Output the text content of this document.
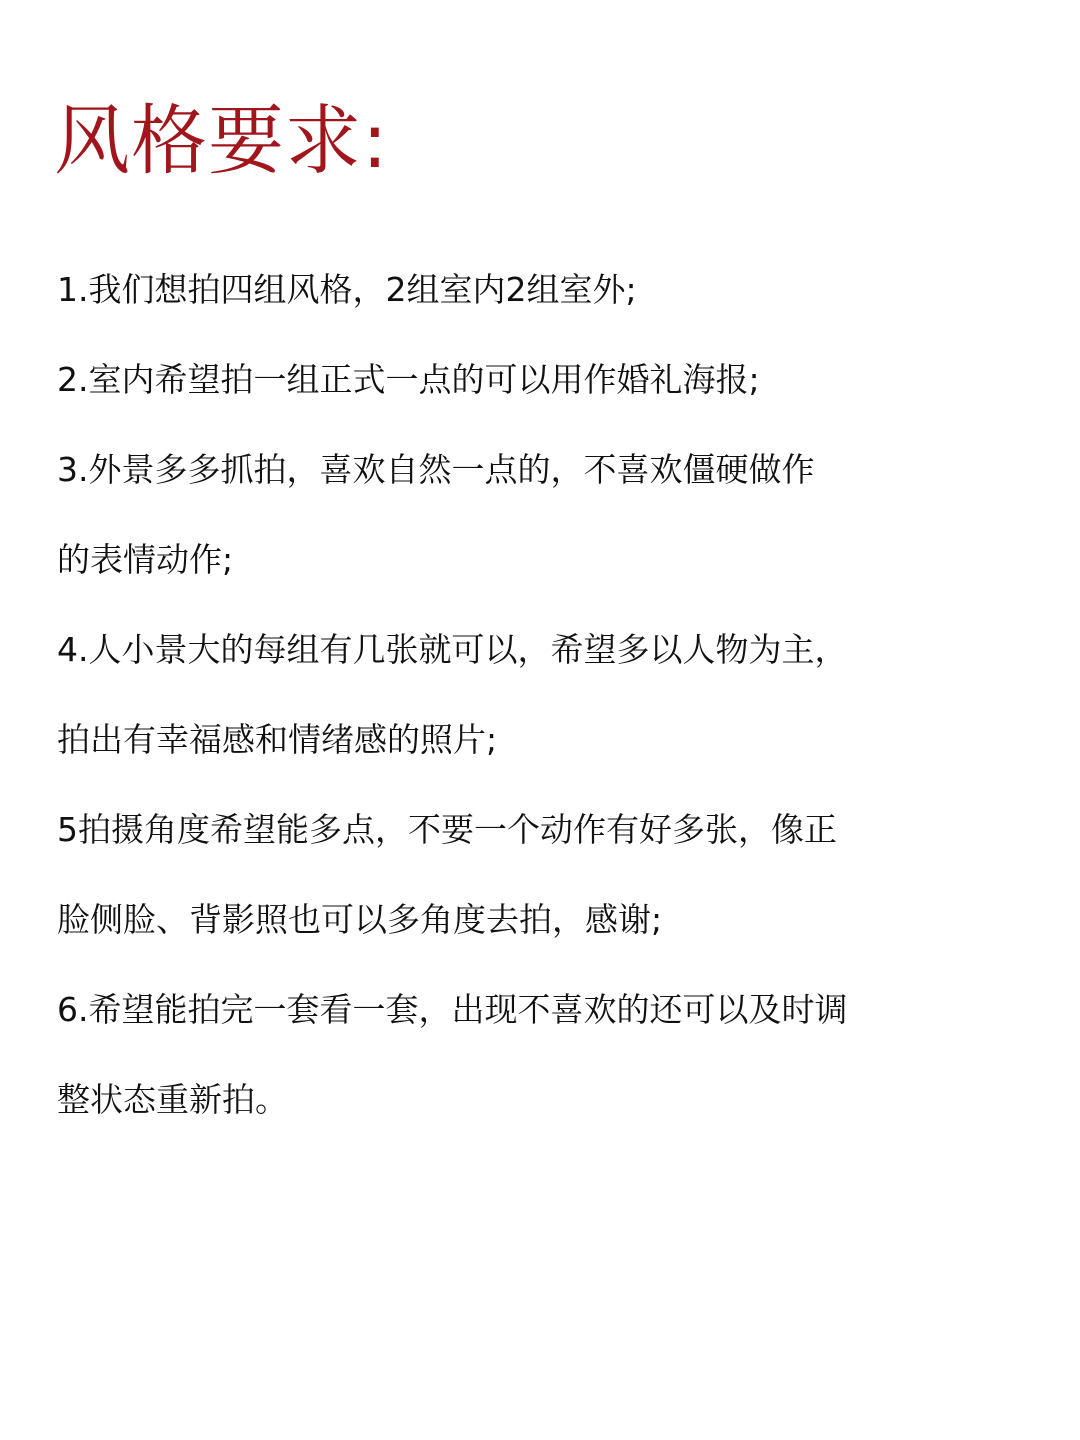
风格要求:

1.我们想拍四组风格，2组室内2组室外;

2.室内希望拍一组正式一点的可以用作婚礼海报;

3.外景多多抓拍，喜欢自然一点的，不喜欢僵硬做作

的表情动作;

4.人小景大的每组有几张就可以，希望多以人物为主，

拍出有幸福感和情绪感的照片;

5拍摄角度希望能多点，不要一个动作有好多张，像正

脸侧脸、背影照也可以多角度去拍，感谢;

6.希望能拍完一套看一套，出现不喜欢的还可以及时调

整状态重新拍。
